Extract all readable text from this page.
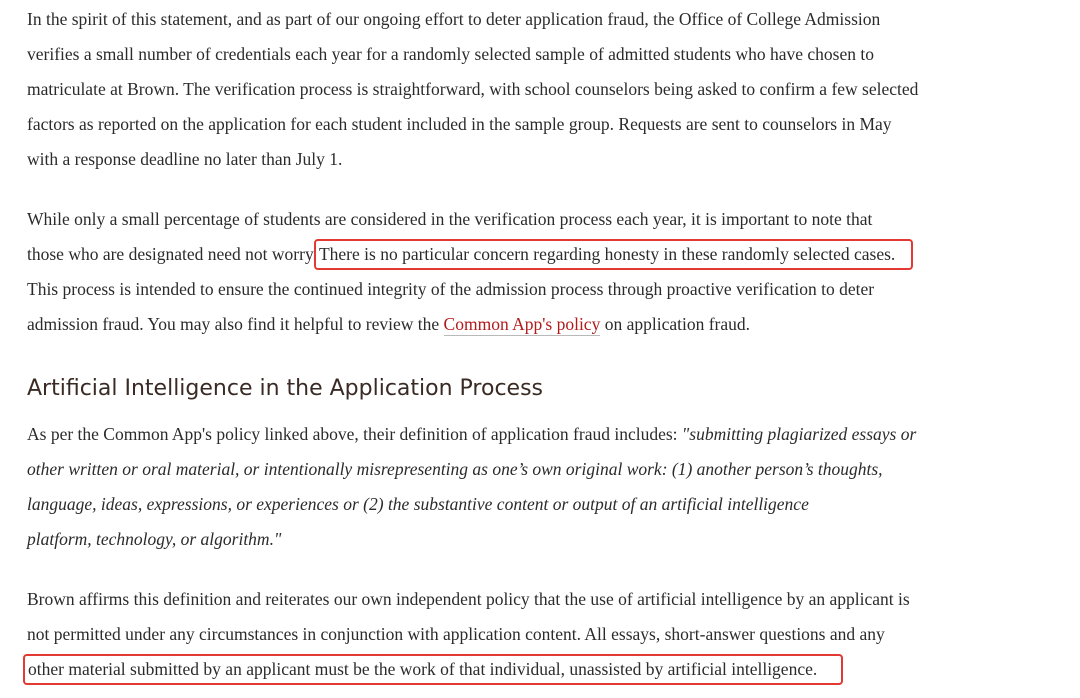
In the spirit of this statement, and as part of our ongoing effort to deter application fraud, the Office of College Admission
verifies a small number of credentials each year for a randomly selected sample of admitted students who have chosen to
matriculate at Brown. The verification process is straightforward, with school counselors being asked to confirm a few selected
factors as reported on the application for each student included in the sample group. Requests are sent to counselors in May
with a response deadline no later than July 1.

While only a small percentage of students are considered in the verification process each year, it is important to note that
those who are designated need not worry. There is no particular concern regarding honesty in these randomly selected cases.
This process is intended to ensure the continued integrity of the admission process through proactive verification to deter
admission fraud. You may also find it helpful to review the Common App's policy on application fraud.

Artificial Intelligence in the Application Process

As per the Common App's policy linked above, their definition of application fraud includes: "submitting plagiarized essays or
other written or oral material, or intentionally misrepresenting as one’s own original work: (1) another person’s thoughts,
language, ideas, expressions, or experiences or (2) the substantive content or output of an artificial intelligence
platform, technology, or algorithm."

Brown affirms this definition and reiterates our own independent policy that the use of artificial intelligence by an applicant is
not permitted under any circumstances in conjunction with application content. All essays, short-answer questions and any
other material submitted by an applicant must be the work of that individual, unassisted by artificial intelligence.
